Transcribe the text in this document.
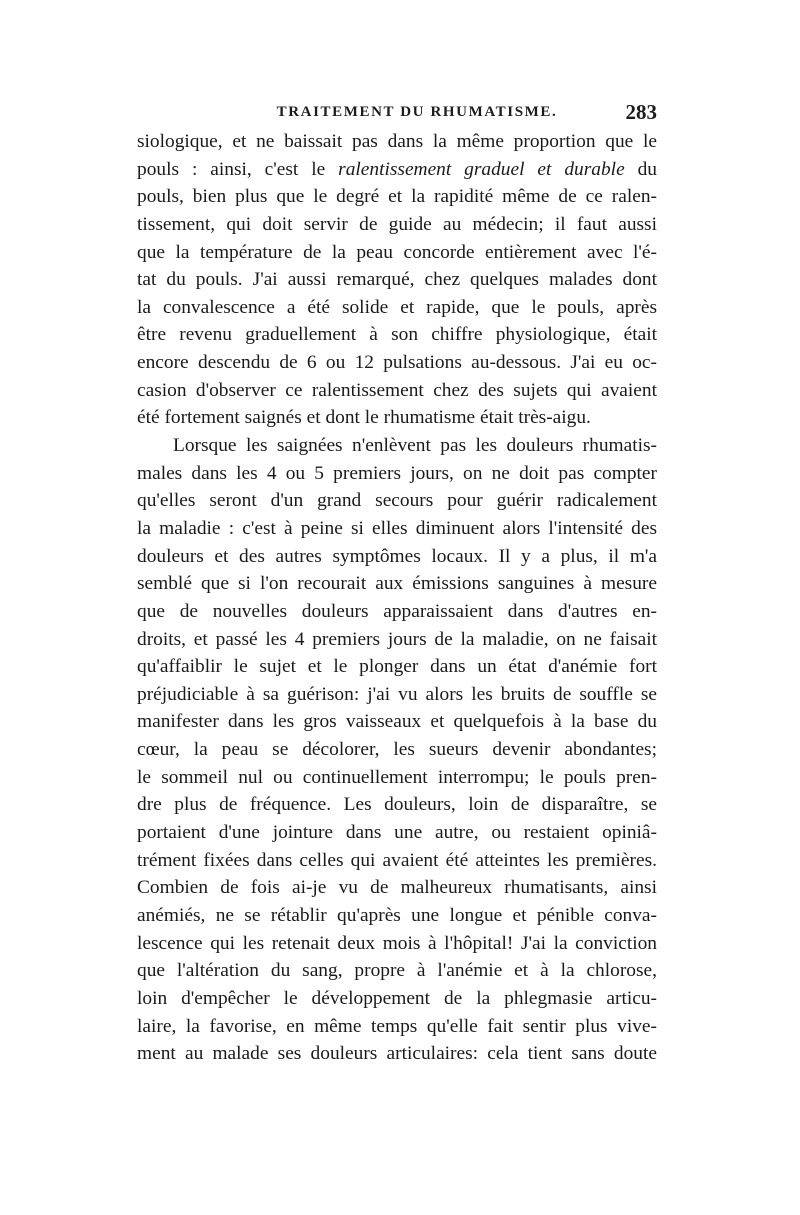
TRAITEMENT DU RHUMATISME.	283
siologique, et ne baissait pas dans la même proportion que le
pouls : ainsi, c'est le ralentissement graduel et durable du
pouls, bien plus que le degré et la rapidité même de ce ralen-
tissement, qui doit servir de guide au médecin; il faut aussi
que la température de la peau concorde entièrement avec l'é-
tat du pouls. J'ai aussi remarqué, chez quelques malades dont
la convalescence a été solide et rapide, que le pouls, après
être revenu graduellement à son chiffre physiologique, était
encore descendu de 6 ou 12 pulsations au-dessous. J'ai eu oc-
casion d'observer ce ralentissement chez des sujets qui avaient
été fortement saignés et dont le rhumatisme était très-aigu.
Lorsque les saignées n'enlèvent pas les douleurs rhumatis-
males dans les 4 ou 5 premiers jours, on ne doit pas compter
qu'elles seront d'un grand secours pour guérir radicalement
la maladie : c'est à peine si elles diminuent alors l'intensité des
douleurs et des autres symptômes locaux. Il y a plus, il m'a
semblé que si l'on recourait aux émissions sanguines à mesure
que de nouvelles douleurs apparaissaient dans d'autres en-
droits, et passé les 4 premiers jours de la maladie, on ne faisait
qu'affaiblir le sujet et le plonger dans un état d'anémie fort
préjudiciable à sa guérison: j'ai vu alors les bruits de souffle se
manifester dans les gros vaisseaux et quelquefois à la base du
cœur, la peau se décolorer, les sueurs devenir abondantes;
le sommeil nul ou continuellement interrompu; le pouls pren-
dre plus de fréquence. Les douleurs, loin de disparaître, se
portaient d'une jointure dans une autre, ou restaient opiniâ-
trément fixées dans celles qui avaient été atteintes les premières.
Combien de fois ai-je vu de malheureux rhumatisants, ainsi
anémiés, ne se rétablir qu'après une longue et pénible conva-
lescence qui les retenait deux mois à l'hôpital! J'ai la conviction
que l'altération du sang, propre à l'anémie et à la chlorose,
loin d'empêcher le développement de la phlegmasie articu-
laire, la favorise, en même temps qu'elle fait sentir plus vive-
ment au malade ses douleurs articulaires: cela tient sans doute
